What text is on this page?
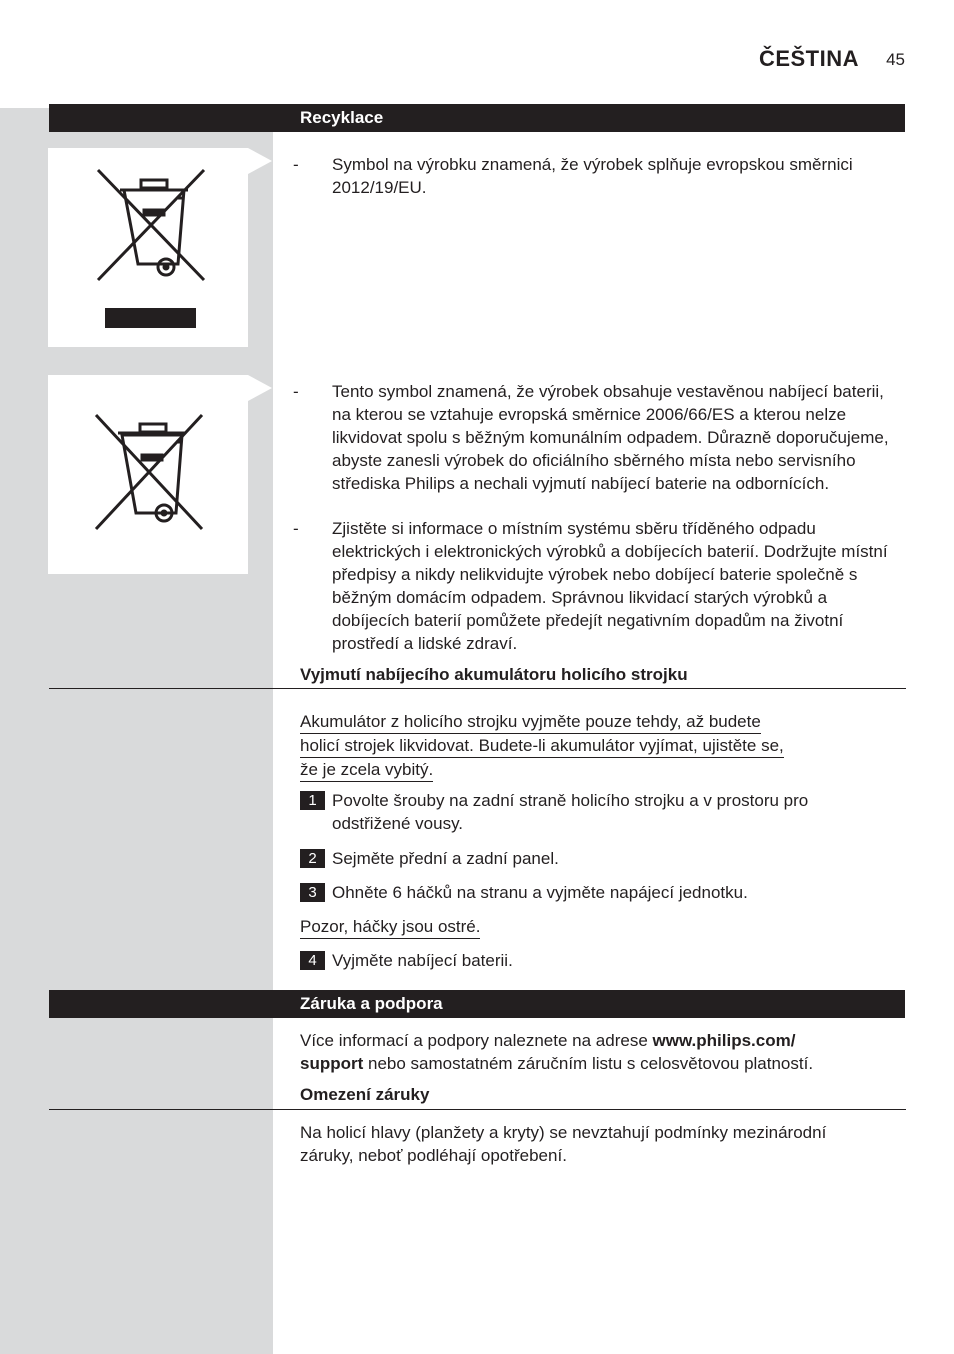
ČEŠTINA 45
Recyklace
- Symbol na výrobku znamená, že výrobek splňuje evropskou směrnici 2012/19/EU.
- Tento symbol znamená, že výrobek obsahuje vestavěnou nabíjecí baterii, na kterou se vztahuje evropská směrnice 2006/66/ES a kterou nelze likvidovat spolu s běžným komunálním odpadem. Důrazně doporučujeme, abyste zanesli výrobek do oficiálního sběrného místa nebo servisního střediska Philips a nechali vyjmutí nabíjecí baterie na odbornících.
- Zjistěte si informace o místním systému sběru tříděného odpadu elektrických i elektronických výrobků a dobíjecích baterií. Dodržujte místní předpisy a nikdy nelikvidujte výrobek nebo dobíjecí baterie společně s běžným domácím odpadem. Správnou likvidací starých výrobků a dobíjecích baterií pomůžete předejít negativním dopadům na životní prostředí a lidské zdraví.
Vyjmutí nabíjecího akumulátoru holicího strojku
Akumulátor z holicího strojku vyjměte pouze tehdy, až budete
holicí strojek likvidovat. Budete-li akumulátor vyjímat, ujistěte se,
že je zcela vybitý.
1 Povolte šrouby na zadní straně holicího strojku a v prostoru pro odstřižené vousy.
2 Sejměte přední a zadní panel.
3 Ohněte 6 háčků na stranu a vyjměte napájecí jednotku.
Pozor, háčky jsou ostré.
4 Vyjměte nabíjecí baterii.
Záruka a podpora
Více informací a podpory naleznete na adrese www.philips.com/
support nebo samostatném záručním listu s celosvětovou platností.
Omezení záruky
Na holicí hlavy (planžety a kryty) se nevztahují podmínky mezinárodní záruky, neboť podléhají opotřebení.
